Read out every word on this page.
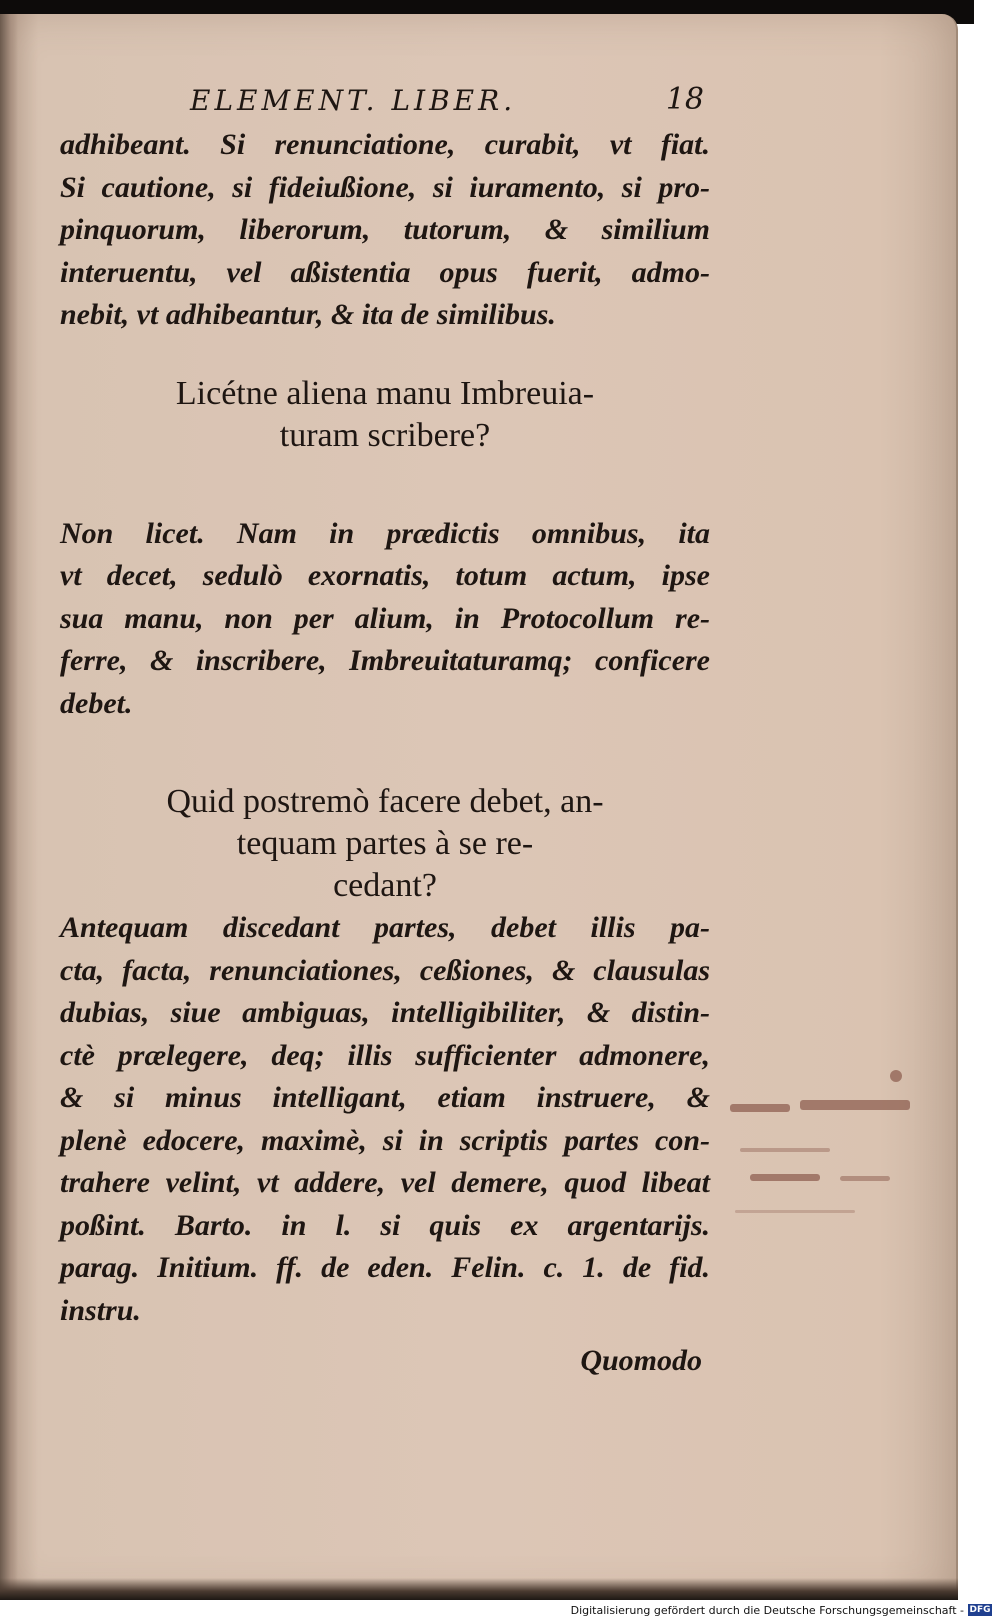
ELEMENT. LIBER.	18

adhibeant. Si renunciatione, curabit, vt fiat.
Si cautione, si fideiußione, si iuramento, si pro-
pinquorum, liberorum, tutorum, & similium
interuentu, vel aßistentia opus fuerit, admo-
nebit, vt adhibeantur, & ita de similibus.

Licétne aliena manu Imbreuia-
turam scribere?

Non licet. Nam in prædictis omnibus, ita
vt decet, sedulò exornatis, totum actum, ipse
sua manu, non per alium, in Protocollum re-
ferre, & inscribere, Imbreuitaturamq; conficere
debet.

Quid postremò facere debet, an-
tequam partes à se re-
cedant?

Antequam discedant partes, debet illis pa-
cta, facta, renunciationes, ceßiones, & clausulas
dubias, siue ambiguas, intelligibiliter, & distin-
ctè prælegere, deq; illis sufficienter admonere,
& si minus intelligant, etiam instruere, &
plenè edocere, maximè, si in scriptis partes con-
trahere velint, vt addere, vel demere, quod libeat
poßint. Barto. in l. si quis ex argentarijs.
parag. Initium. ff. de eden. Felin. c. 1. de fid.
instru.

Quomodo
Digitalisierung gefördert durch die Deutsche Forschungsgemeinschaft - DFG
